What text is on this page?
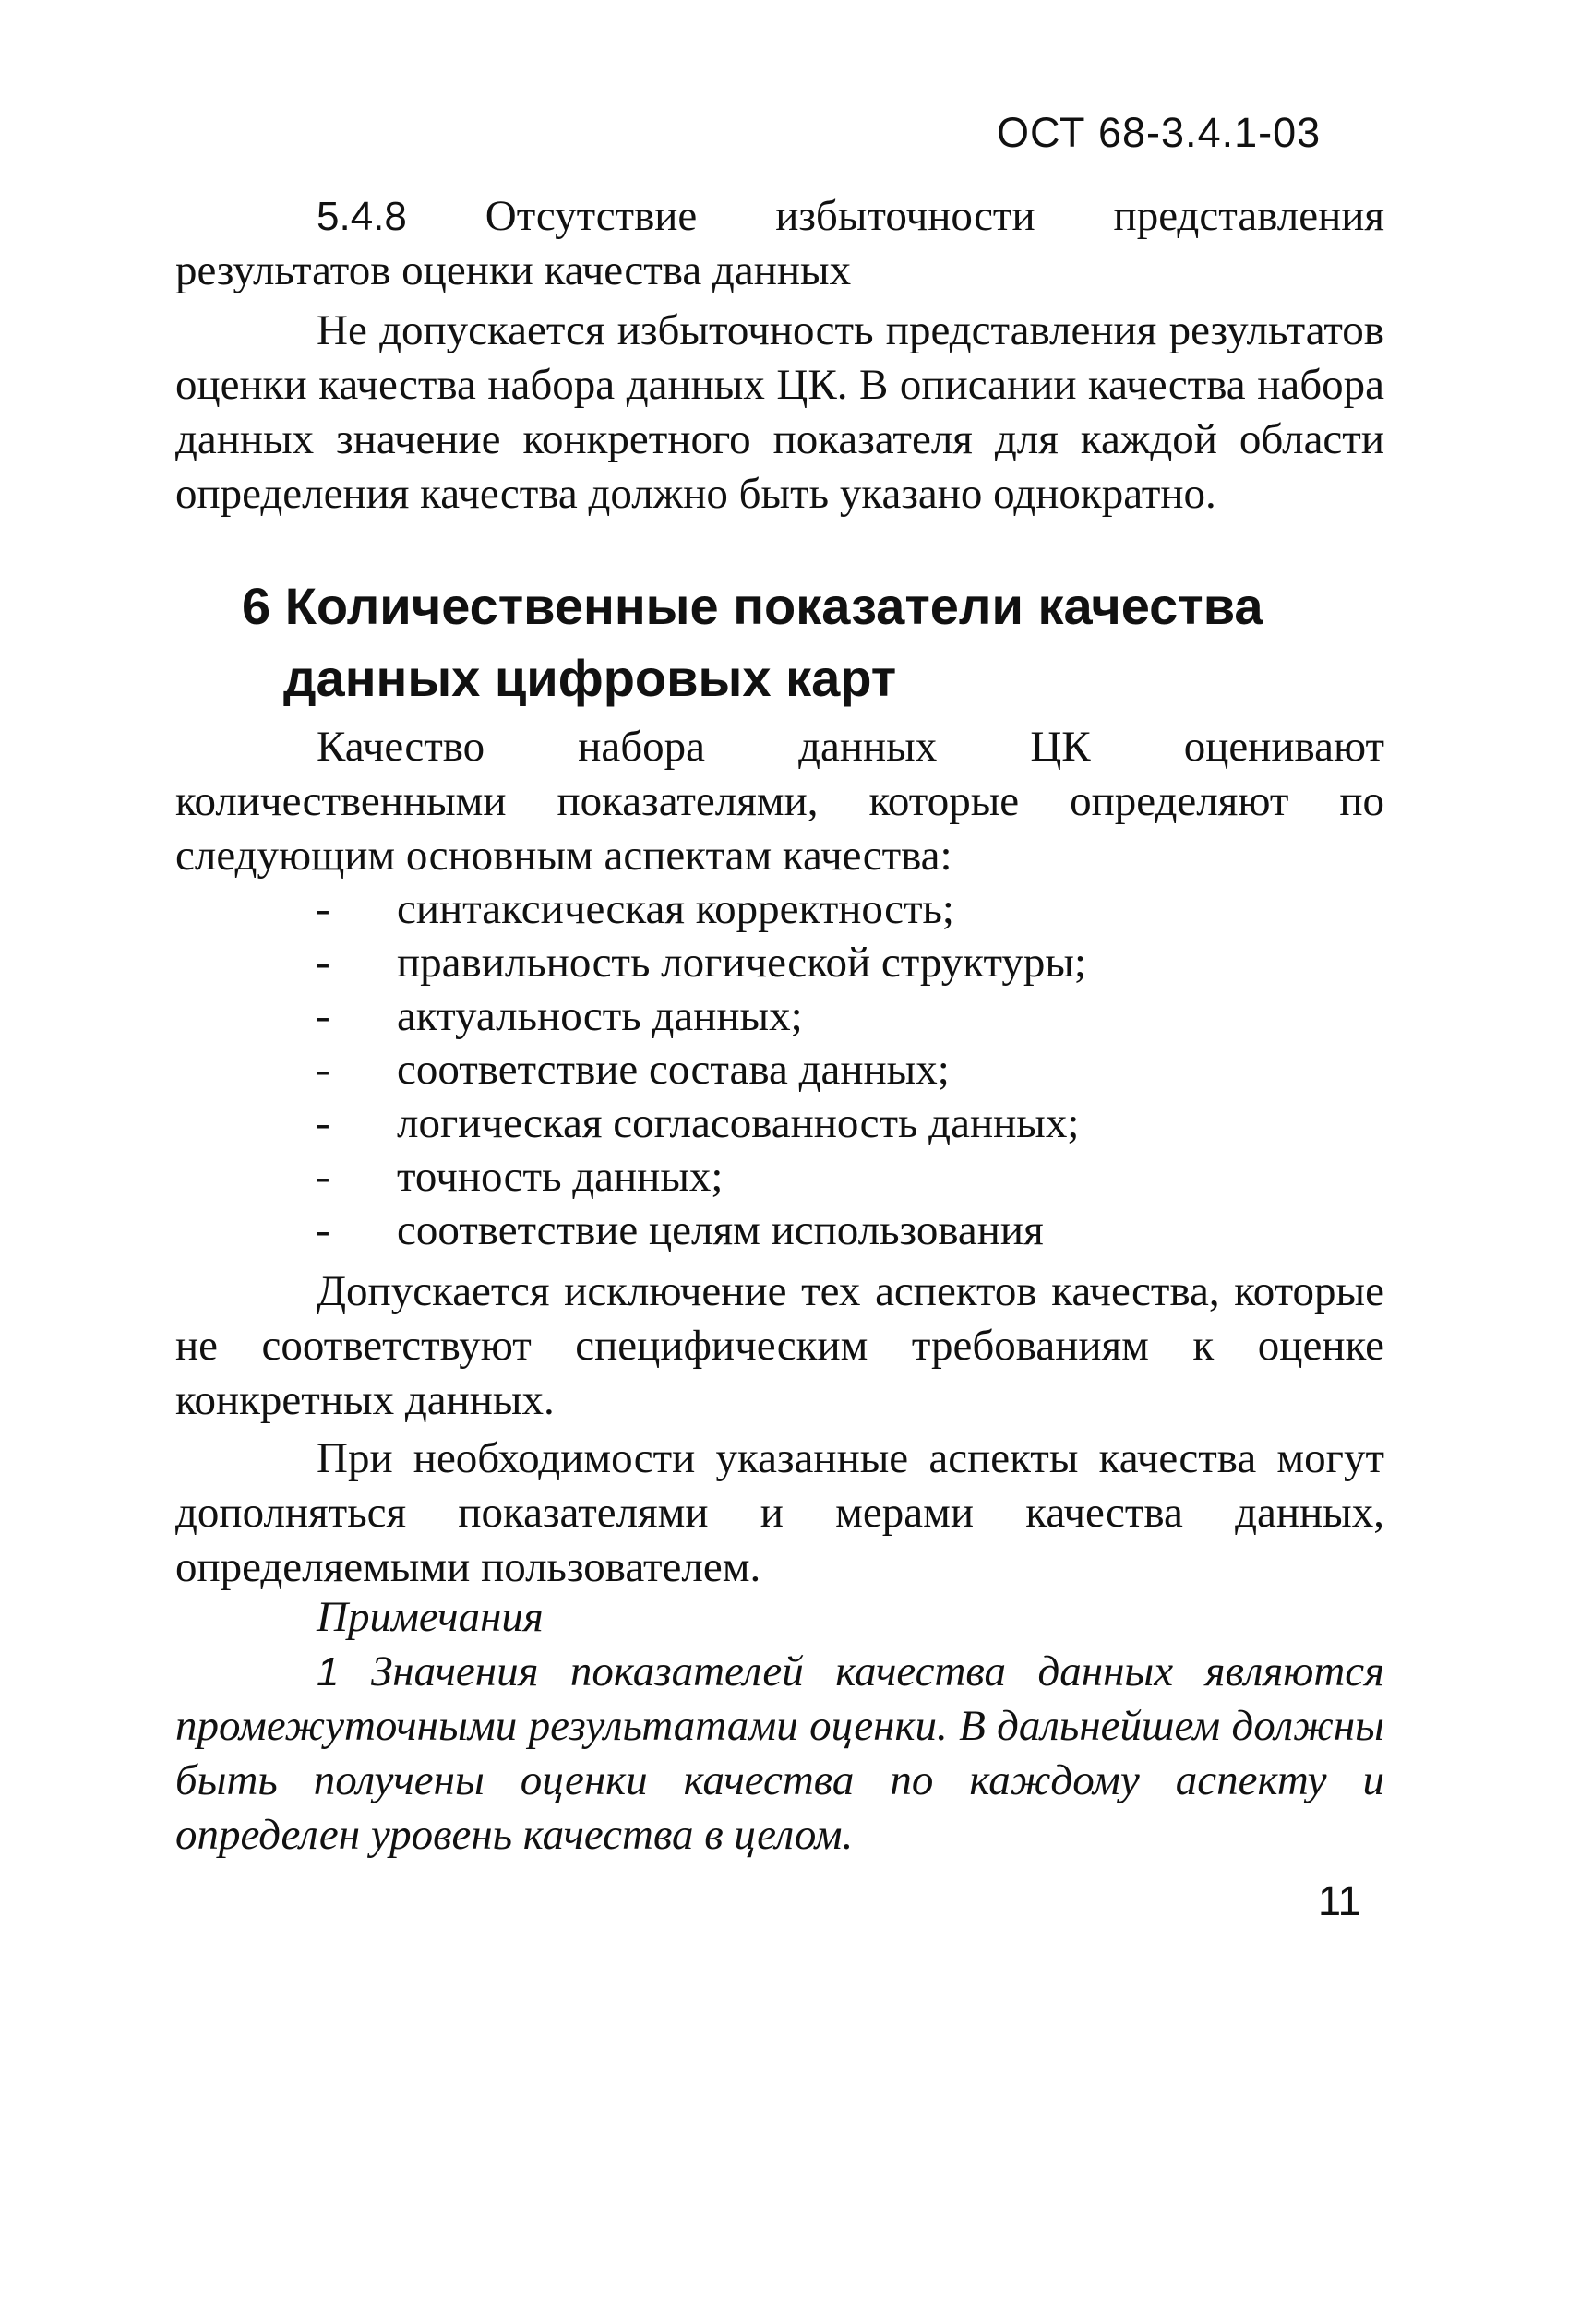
ОСТ 68-3.4.1-03

5.4.8 Отсутствие избыточности представления результатов оценки качества данных

Не допускается избыточность представления результатов оценки качества набора данных ЦК. В описании качества набора данных значение конкретного показателя для каждой области определения качества должно быть указано однократно.

6 Количественные показатели качества
данных цифровых карт

Качество набора данных ЦК оценивают количественными показателями, которые определяют по следующим основным аспектам качества:

- синтаксическая корректность;
- правильность логической структуры;
- актуальность данных;
- соответствие состава данных;
- логическая согласованность данных;
- точность данных;
- соответствие целям использования

Допускается исключение тех аспектов качества, которые не соответствуют специфическим требованиям к оценке конкретных данных.

При необходимости указанные аспекты качества могут дополняться показателями и мерами качества данных, определяемыми пользователем.

Примечания

1 Значения показателей качества данных являются промежуточными результатами оценки. В дальнейшем должны быть получены оценки качества по каждому аспекту и определен уровень качества в целом.

11
